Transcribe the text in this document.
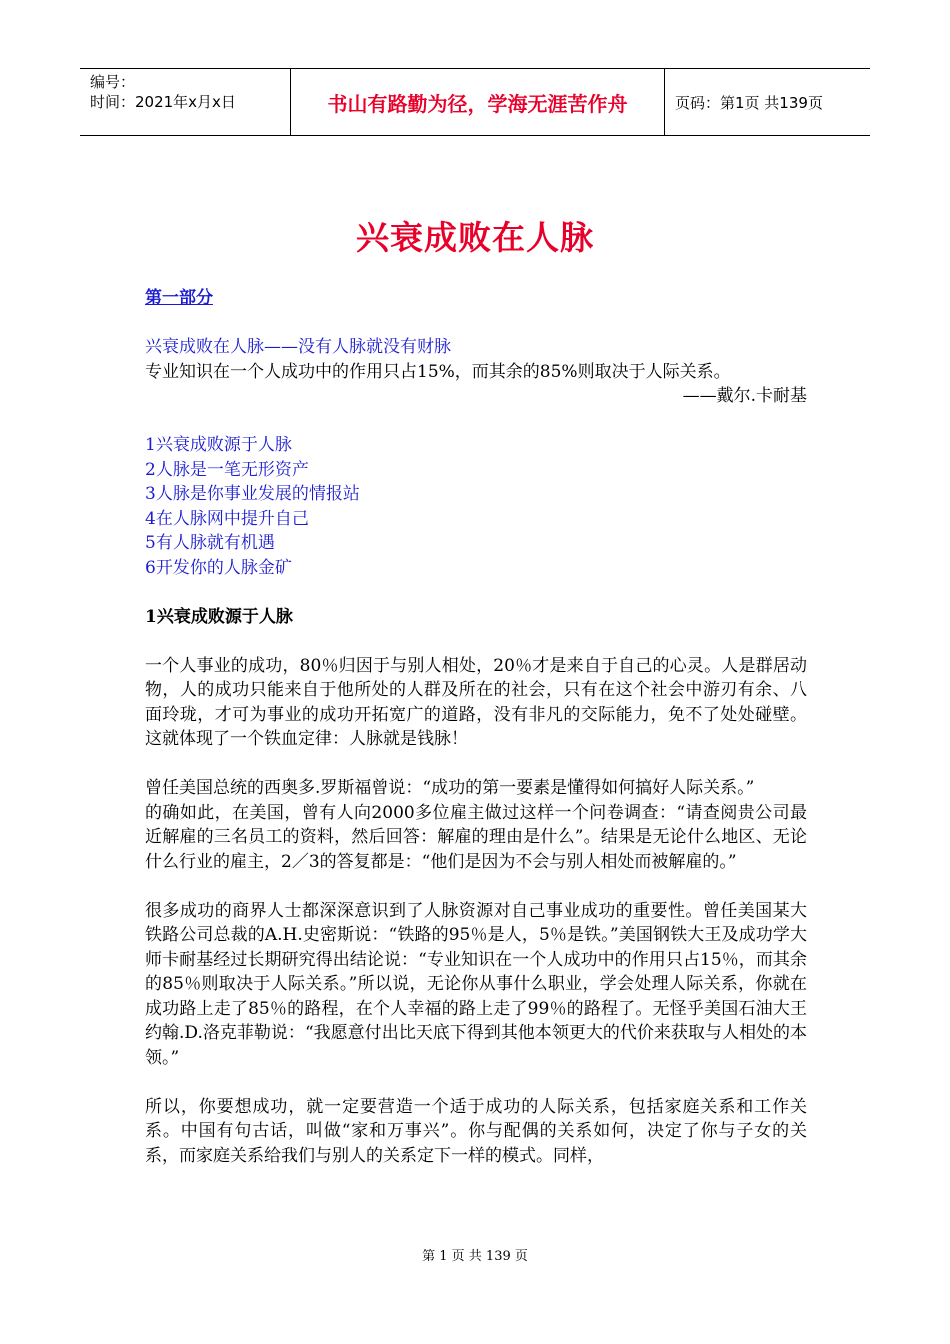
编号：
时间：2021年x月x日	书山有路勤为径，学海无涯苦作舟	页码：第1页 共139页
兴衰成败在人脉
第一部分
兴衰成败在人脉——没有人脉就没有财脉
专业知识在一个人成功中的作用只占15%，而其余的85%则取决于人际关系。
——戴尔.卡耐基
1兴衰成败源于人脉
2人脉是一笔无形资产
3人脉是你事业发展的情报站
4在人脉网中提升自己
5有人脉就有机遇
6开发你的人脉金矿
1兴衰成败源于人脉

一个人事业的成功，80％归因于与别人相处，20％才是来自于自己的心灵。人是群居动物，人的成功只能来自于他所处的人群及所在的社会，只有在这个社会中游刃有余、八面玲珑，才可为事业的成功开拓宽广的道路，没有非凡的交际能力，免不了处处碰壁。这就体现了一个铁血定律：人脉就是钱脉！

曾任美国总统的西奥多.罗斯福曾说：“成功的第一要素是懂得如何搞好人际关系。”

的确如此，在美国，曾有人向2000多位雇主做过这样一个问卷调查：“请查阅贵公司最近解雇的三名员工的资料，然后回答：解雇的理由是什么”。结果是无论什么地区、无论什么行业的雇主，2／3的答复都是：“他们是因为不会与别人相处而被解雇的。”

很多成功的商界人士都深深意识到了人脉资源对自己事业成功的重要性。曾任美国某大铁路公司总裁的A.H.史密斯说：“铁路的95％是人，5％是铁。”美国钢铁大王及成功学大师卡耐基经过长期研究得出结论说：“专业知识在一个人成功中的作用只占15％，而其余的85％则取决于人际关系。”所以说，无论你从事什么职业，学会处理人际关系，你就在成功路上走了85％的路程，在个人幸福的路上走了99％的路程了。无怪乎美国石油大王约翰.D.洛克菲勒说：“我愿意付出比天底下得到其他本领更大的代价来获取与人相处的本领。”

所以，你要想成功，就一定要营造一个适于成功的人际关系，包括家庭关系和工作关系。中国有句古话，叫做“家和万事兴”。你与配偶的关系如何，决定了你与子女的关系，而家庭关系给我们与别人的关系定下一样的模式。同样，

第 1 页 共 139 页
